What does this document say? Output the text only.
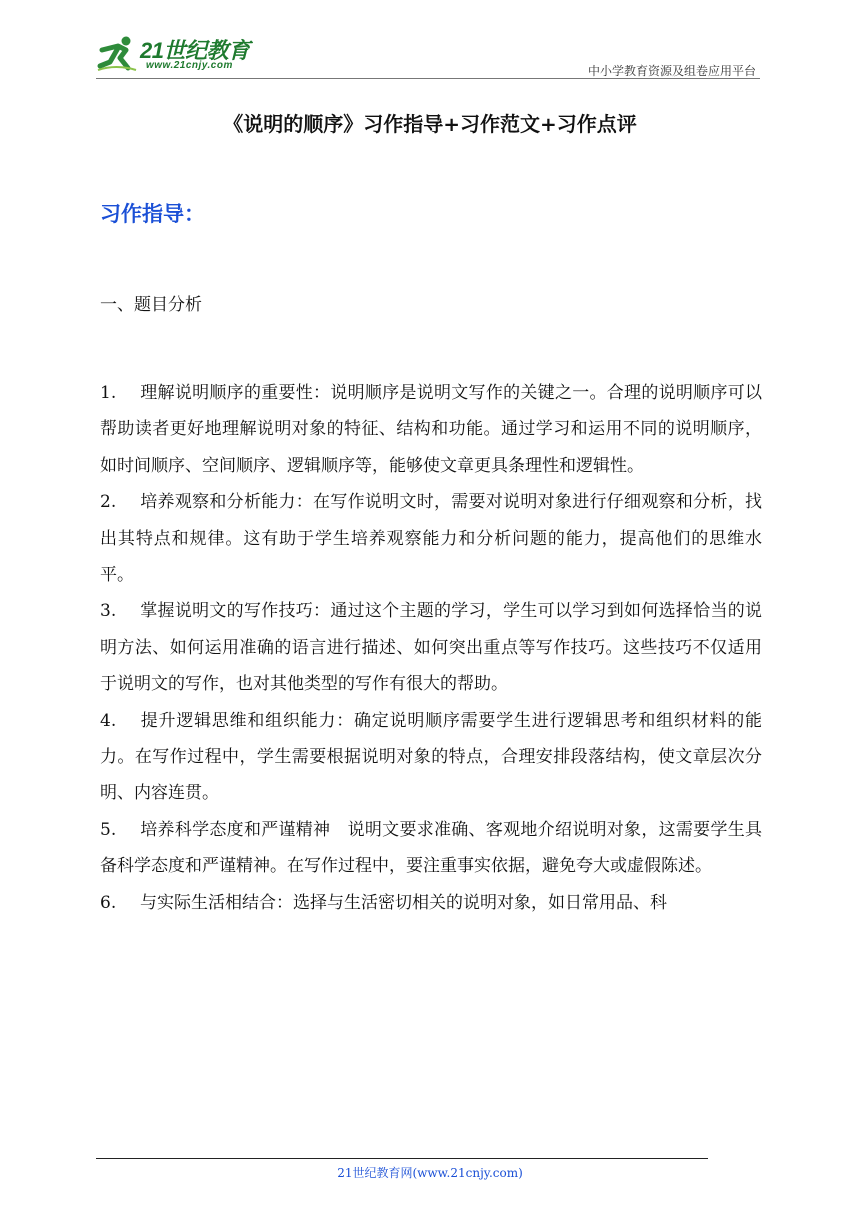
21世纪教育
www.21cnjy.com	中小学教育资源及组卷应用平台
《说明的顺序》习作指导+习作范文+习作点评
习作指导：
一、题目分析

1. 理解说明顺序的重要性：说明顺序是说明文写作的关键之一。合理的说明顺序可以帮助读者更好地理解说明对象的特征、结构和功能。通过学习和运用不同的说明顺序，如时间顺序、空间顺序、逻辑顺序等，能够使文章更具条理性和逻辑性。

2. 培养观察和分析能力：在写作说明文时，需要对说明对象进行仔细观察和分析，找出其特点和规律。这有助于学生培养观察能力和分析问题的能力，提高他们的思维水平。

3. 掌握说明文的写作技巧：通过这个主题的学习，学生可以学习到如何选择恰当的说明方法、如何运用准确的语言进行描述、如何突出重点等写作技巧。这些技巧不仅适用于说明文的写作，也对其他类型的写作有很大的帮助。

4. 提升逻辑思维和组织能力：确定说明顺序需要学生进行逻辑思考和组织材料的能力。在写作过程中，学生需要根据说明对象的特点，合理安排段落结构，使文章层次分明、内容连贯。

5. 培养科学态度和严谨精神　说明文要求准确、客观地介绍说明对象，这需要学生具备科学态度和严谨精神。在写作过程中，要注重事实依据，避免夸大或虚假陈述。

6. 与实际生活相结合：选择与生活密切相关的说明对象，如日常用品、科

21世纪教育网(www.21cnjy.com)
